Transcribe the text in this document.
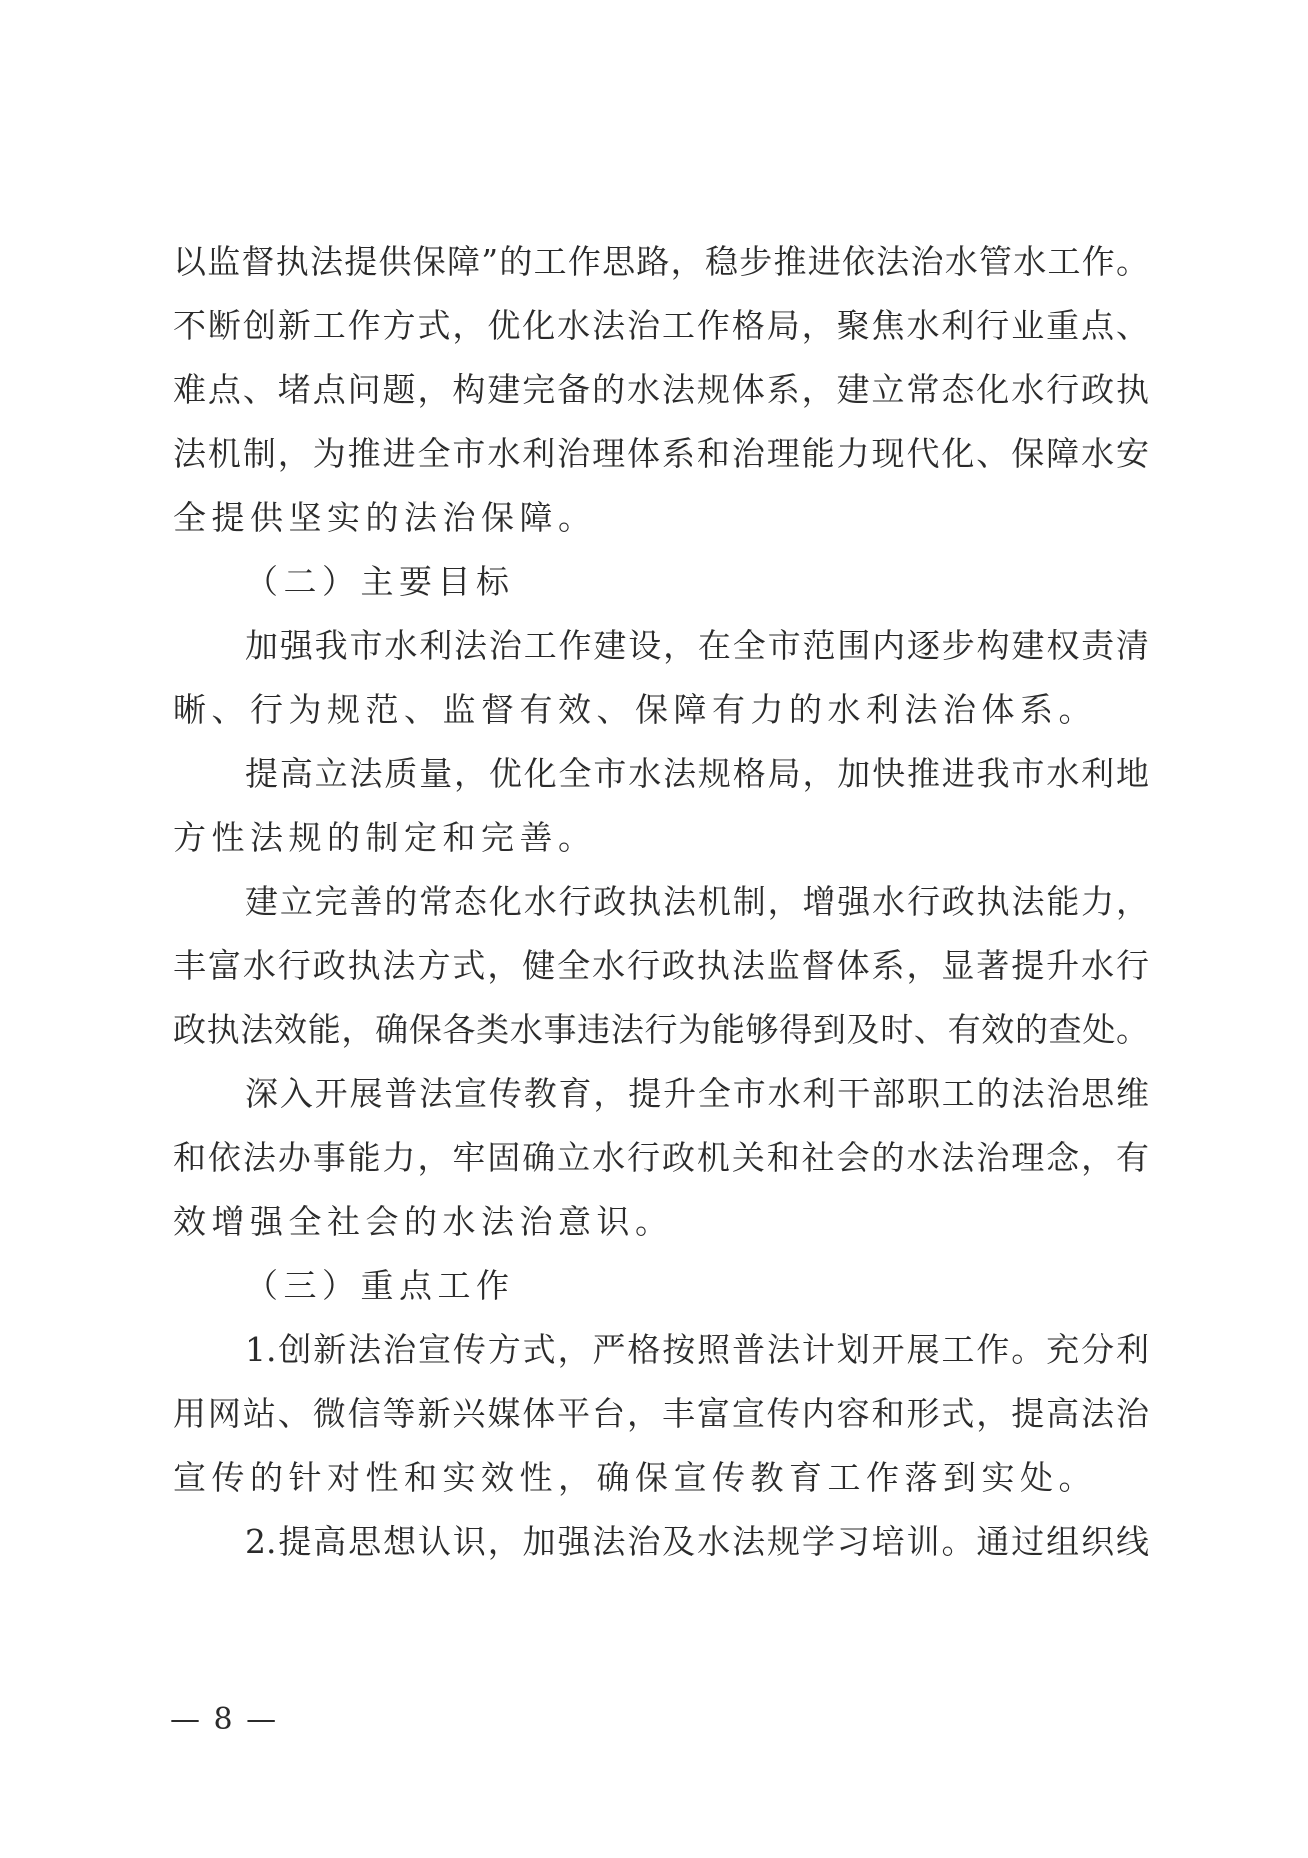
以监督执法提供保障”的工作思路，稳步推进依法治水管水工作。
不断创新工作方式，优化水法治工作格局，聚焦水利行业重点、
难点、堵点问题，构建完备的水法规体系，建立常态化水行政执
法机制，为推进全市水利治理体系和治理能力现代化、保障水安
全提供坚实的法治保障。
（二）主要目标
加强我市水利法治工作建设，在全市范围内逐步构建权责清
晰、行为规范、监督有效、保障有力的水利法治体系。
提高立法质量，优化全市水法规格局，加快推进我市水利地
方性法规的制定和完善。
建立完善的常态化水行政执法机制，增强水行政执法能力，
丰富水行政执法方式，健全水行政执法监督体系，显著提升水行
政执法效能，确保各类水事违法行为能够得到及时、有效的查处。
深入开展普法宣传教育，提升全市水利干部职工的法治思维
和依法办事能力，牢固确立水行政机关和社会的水法治理念，有
效增强全社会的水法治意识。
（三）重点工作
1.创新法治宣传方式，严格按照普法计划开展工作。充分利
用网站、微信等新兴媒体平台，丰富宣传内容和形式，提高法治
宣传的针对性和实效性，确保宣传教育工作落到实处。
2.提高思想认识，加强法治及水法规学习培训。通过组织线
— 8 —
